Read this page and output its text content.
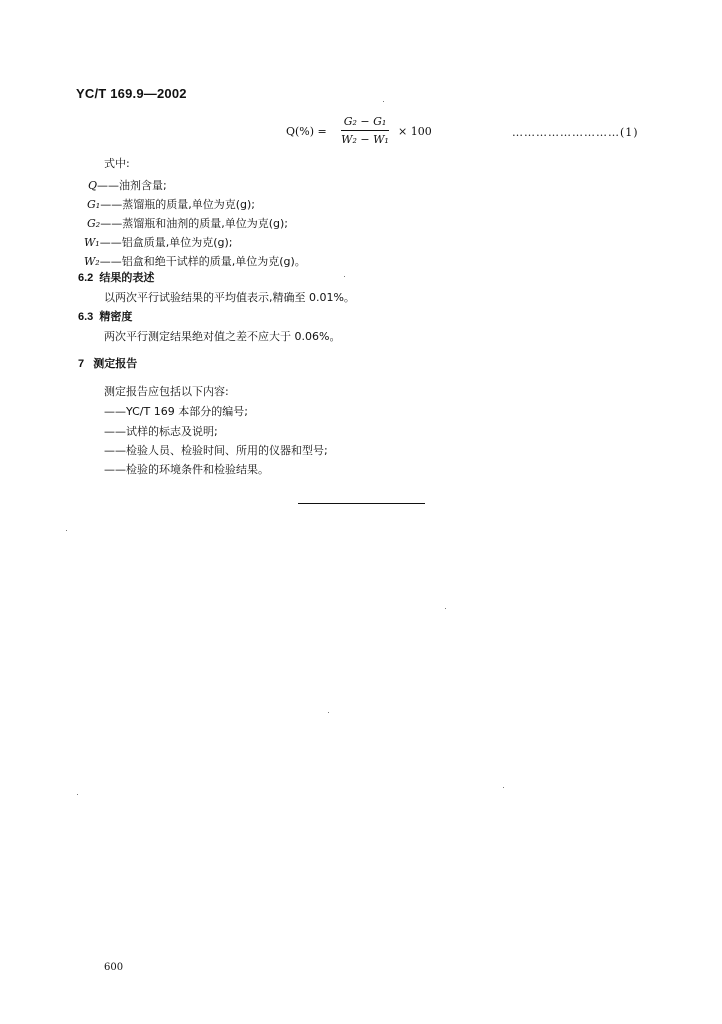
YC/T 169.9—2002
Q(%) =
G₂ − G₁
W₂ − W₁
× 100	………………………(1)
式中:
Q——油剂含量;
G₁——蒸馏瓶的质量,单位为克(g);
G₂——蒸馏瓶和油剂的质量,单位为克(g);
W₁——铝盒质量,单位为克(g);
W₂——铝盒和绝干试样的质量,单位为克(g)。
6.2 结果的表述
以两次平行试验结果的平均值表示,精确至 0.01%。
6.3 精密度
两次平行测定结果绝对值之差不应大于 0.06%。
7 测定报告
测定报告应包括以下内容:
——YC/T 169 本部分的编号;
——试样的标志及说明;
——检验人员、检验时间、所用的仪器和型号;
——检验的环境条件和检验结果。
600
